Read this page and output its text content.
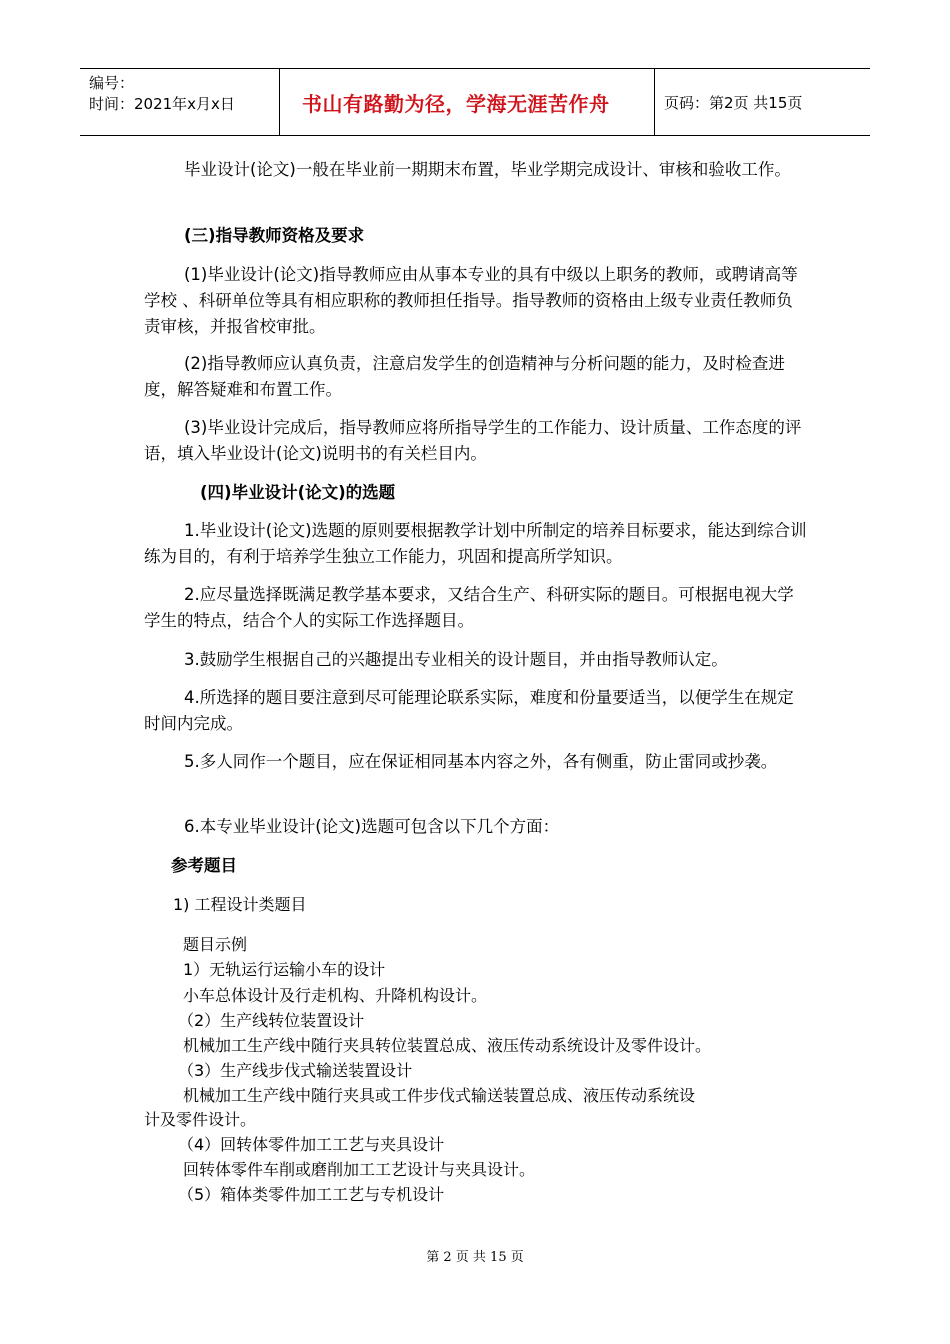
编号：
时间：2021年x月x日	书山有路勤为径，学海无涯苦作舟	页码：第2页 共15页
毕业设计(论文)一般在毕业前一期期末布置，毕业学期完成设计、审核和验收工作。
(三)指导教师资格及要求
(1)毕业设计(论文)指导教师应由从事本专业的具有中级以上职务的教师，或聘请高等学校 、科研单位等具有相应职称的教师担任指导。指导教师的资格由上级专业责任教师负责审核，并报省校审批。
(2)指导教师应认真负责，注意启发学生的创造精神与分析问题的能力，及时检查进度，解答疑难和布置工作。
(3)毕业设计完成后，指导教师应将所指导学生的工作能力、设计质量、工作态度的评语，填入毕业设计(论文)说明书的有关栏目内。
(四)毕业设计(论文)的选题
1.毕业设计(论文)选题的原则要根据教学计划中所制定的培养目标要求，能达到综合训练为目的，有利于培养学生独立工作能力，巩固和提高所学知识。
2.应尽量选择既满足教学基本要求，又结合生产、科研实际的题目。可根据电视大学学生的特点，结合个人的实际工作选择题目。
3.鼓励学生根据自己的兴趣提出专业相关的设计题目，并由指导教师认定。
4.所选择的题目要注意到尽可能理论联系实际，难度和份量要适当，以便学生在规定时间内完成。
5.多人同作一个题目，应在保证相同基本内容之外，各有侧重，防止雷同或抄袭。
6.本专业毕业设计(论文)选题可包含以下几个方面：
参考题目
1) 工程设计类题目
题目示例
1）无轨运行运输小车的设计
小车总体设计及行走机构、升降机构设计。
（2）生产线转位装置设计
机械加工生产线中随行夹具转位装置总成、液压传动系统设计及零件设计。
（3）生产线步伐式输送装置设计
机械加工生产线中随行夹具或工件步伐式输送装置总成、液压传动系统设
计及零件设计。
（4）回转体零件加工工艺与夹具设计
回转体零件车削或磨削加工工艺设计与夹具设计。
（5）箱体类零件加工工艺与专机设计
第 2 页 共 15 页
